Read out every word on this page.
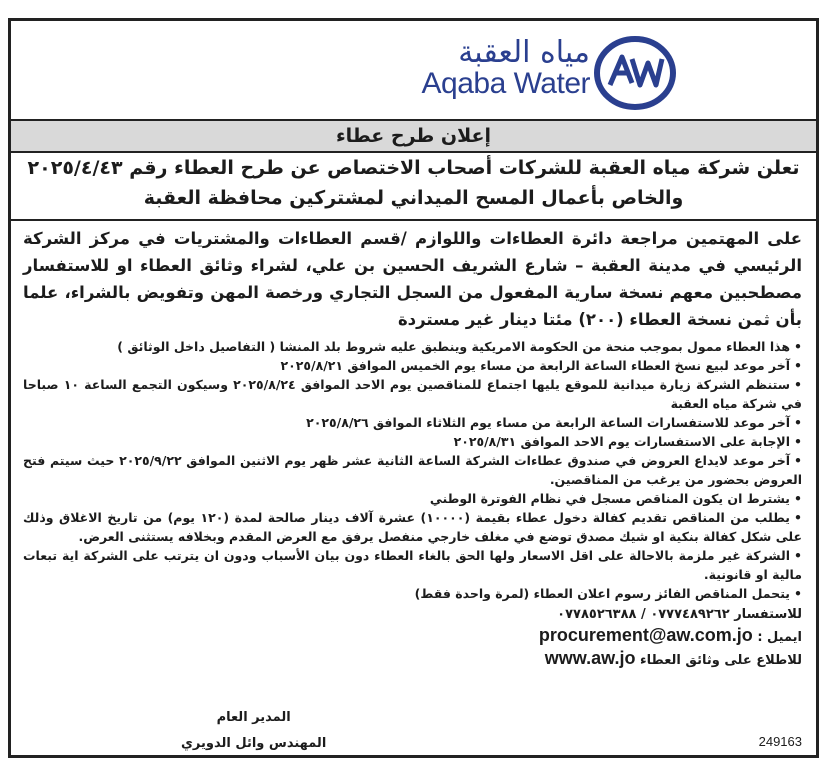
مياه العقبة
Aqaba Water
إعلان طرح عطاء
تعلن شركة مياه العقبة للشركات أصحاب الاختصاص عن طرح العطاء رقم ٢٠٢٥/٤/٤٣
والخاص بأعمال المسح الميداني لمشتركين محافظة العقبة

على المهتمين مراجعة دائرة العطاءات واللوازم /قسم العطاءات والمشتريات في مركز الشركة الرئيسي في مدينة العقبة – شارع الشريف الحسين بن علي، لشراء وثائق العطاء او للاستفسار مصطحبين معهم نسخة سارية المفعول من السجل التجاري ورخصة المهن وتفويض بالشراء، علما بأن ثمن نسخة العطاء (٢٠٠) مئتا دينار غير مستردة

•هذا العطاء ممول بموجب منحة من الحكومة الامريكية وينطبق عليه شروط بلد المنشا ( التفاصيل داخل الوثائق )
•آخر موعد لبيع نسخ العطاء الساعة الرابعة من مساء يوم الخميس الموافق ٢٠٢٥/٨/٢١
•ستنظم الشركة زيارة ميدانية للموقع يليها اجتماع للمناقصين يوم الاحد الموافق ٢٠٢٥/٨/٢٤ وسيكون التجمع الساعة ١٠ صباحا في شركة مياه العقبة
•آخر موعد للاستفسارات الساعة الرابعة من مساء يوم الثلاثاء الموافق ٢٠٢٥/٨/٢٦
•الإجابة على الاستفسارات يوم الاحد الموافق ٢٠٢٥/٨/٣١
•آخر موعد لايداع العروض في صندوق عطاءات الشركة الساعة الثانية عشر ظهر يوم الاثنين الموافق ٢٠٢٥/٩/٢٢ حيث سيتم فتح العروض بحضور من يرغب من المناقصين.
•يشترط ان يكون المناقص مسجل في نظام الفوترة الوطني
•يطلب من المناقص تقديم كفالة دخول عطاء بقيمة (١٠٠٠٠) عشرة آلاف دينار صالحة لمدة (١٢٠ يوم) من تاريخ الاغلاق وذلك على شكل كفالة بنكية او شيك مصدق توضع في مغلف خارجي منفصل يرفق مع العرض المقدم وبخلافه يستثنى العرض.
•الشركة غير ملزمة بالاحالة على اقل الاسعار ولها الحق بالغاء العطاء دون بيان الأسباب ودون ان يترتب على الشركة اية تبعات مالية او قانونية.
•يتحمل المناقص الفائز رسوم اعلان العطاء (لمرة واحدة فقط)
للاستفسار ٠٧٧٧٤٨٩٢٦٢ / ٠٧٧٨٥٢٦٣٨٨
ايميل : procurement@aw.com.jo
للاطلاع على وثائق العطاء www.aw.jo
المدير العام
المهندس وائل الدويري	249163
